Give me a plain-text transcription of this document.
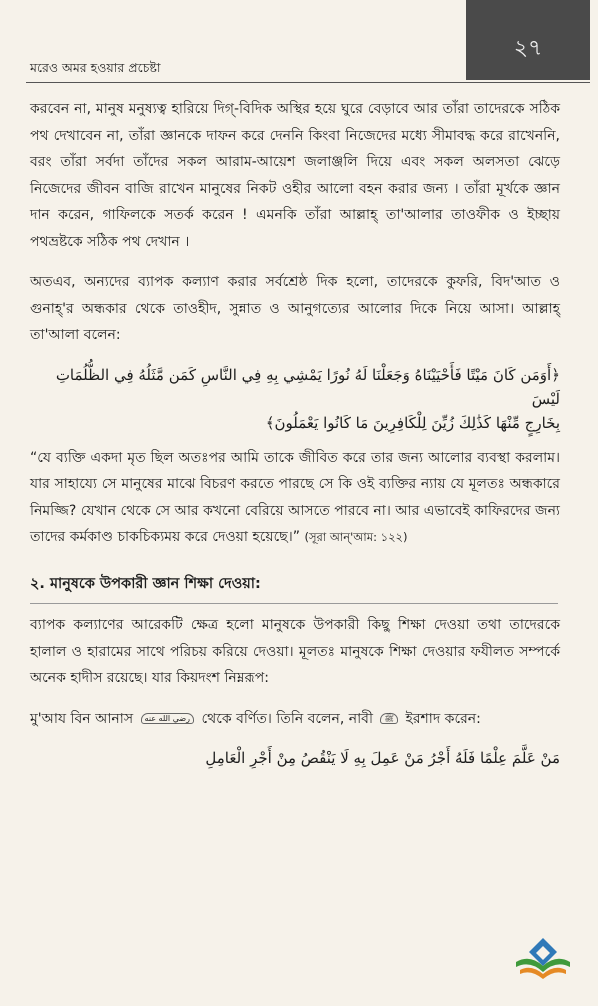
২৭
মরেও অমর হওয়ার প্রচেষ্টা

করবেন না, মানুষ মনুষ্যত্ব হারিয়ে দিগ্-বিদিক অস্থির হয়ে ঘুরে বেড়াবে আর তাঁরা তাদেরকে সঠিক পথ দেখাবেন না, তাঁরা জ্ঞানকে দাফন করে দেননি কিংবা নিজেদের মধ্যে সীমাবদ্ধ করে রাখেননি, বরং তাঁরা সর্বদা তাঁদের সকল আরাম-আয়েশ জলাঞ্জলি দিয়ে এবং সকল অলসতা ঝেড়ে নিজেদের জীবন বাজি রাখেন মানুষের নিকট ওহীর আলো বহন করার জন্য । তাঁরা মূর্খকে জ্ঞান দান করেন, গাফিলকে সতর্ক করেন ! এমনকি তাঁরা আল্লাহ্ তা'আলার তাওফীক ও ইচ্ছায় পথভ্রষ্টকে সঠিক পথ দেখান ।

অতএব, অন্যদের ব্যাপক কল্যাণ করার সর্বশ্রেষ্ঠ দিক হলো, তাদেরকে কুফরি, বিদ'আত ও গুনাহ্'র অন্ধকার থেকে তাওহীদ, সুন্নাত ও আনুগত্যের আলোর দিকে নিয়ে আসা। আল্লাহ্ তা'আলা বলেন:

﴿أَوَمَن كَانَ مَيْتًا فَأَحْيَيْنَاهُ وَجَعَلْنَا لَهُ نُورًا يَمْشِي بِهِ فِي النَّاسِ كَمَن مَّثَلُهُ فِي الظُّلُمَاتِ لَيْسَ
بِخَارِجٍ مِّنْهَا كَذَٰلِكَ زُيِّنَ لِلْكَافِرِينَ مَا كَانُوا يَعْمَلُونَ﴾

“যে ব্যক্তি একদা মৃত ছিল অতঃপর আমি তাকে জীবিত করে তার জন্য আলোর ব্যবস্থা করলাম। যার সাহায্যে সে মানুষের মাঝে বিচরণ করতে পারছে সে কি ওই ব্যক্তির ন্যায় যে মূলতঃ অন্ধকারে নিমজ্জি? যেখান থেকে সে আর কখনো বেরিয়ে আসতে পারবে না। আর এভাবেই কাফিরদের জন্য তাদের কর্মকাণ্ড চাকচিক্যময় করে দেওয়া হয়েছে।” (সূরা আন্'আম: ১২২)

২. মানুষকে উপকারী জ্ঞান শিক্ষা দেওয়া:

ব্যাপক কল্যাণের আরেকটি ক্ষেত্র হলো মানুষকে উপকারী কিছু শিক্ষা দেওয়া তথা তাদেরকে হালাল ও হারামের সাথে পরিচয় করিয়ে দেওয়া। মূলতঃ মানুষকে শিক্ষা দেওয়ার ফযীলত সম্পর্কে অনেক হাদীস রয়েছে। যার কিয়দংশ নিম্নরূপ:

মু'আয বিন আনাস رضي الله عنه থেকে বর্ণিত। তিনি বলেন, নাবী ﷺ ইরশাদ করেন:

مَنْ عَلَّمَ عِلْمًا فَلَهُ أَجْرُ مَنْ عَمِلَ بِهِ لَا يَنْقُصُ مِنْ أَجْرِ الْعَامِلِ
